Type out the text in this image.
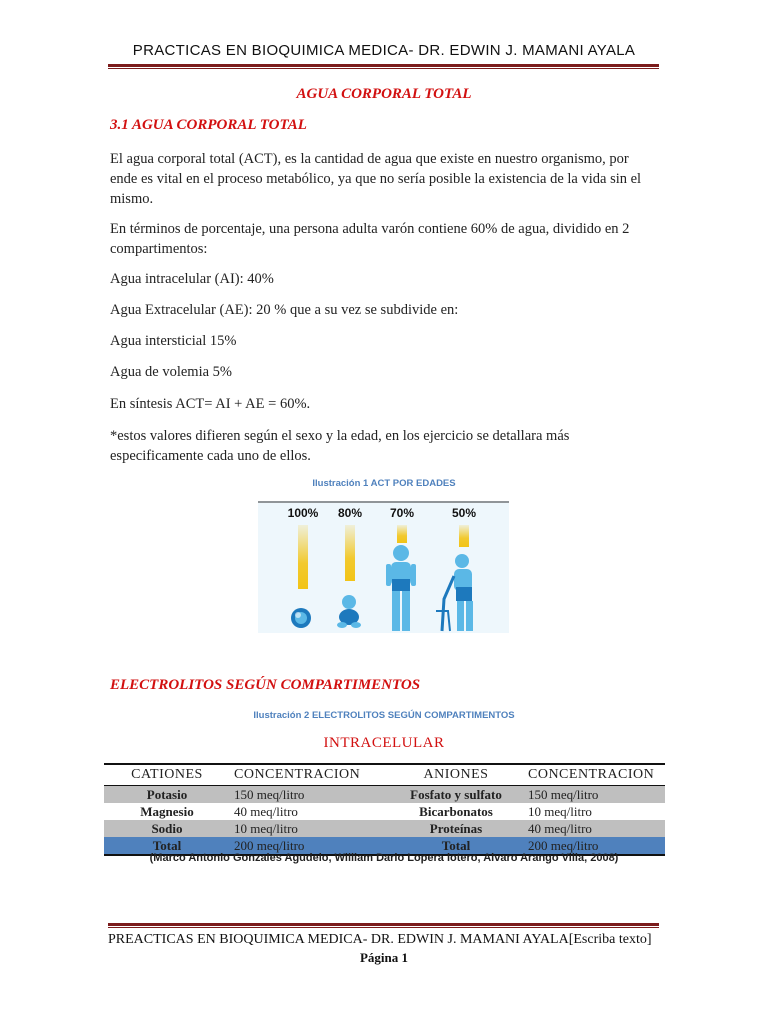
PRACTICAS EN BIOQUIMICA MEDICA- DR. EDWIN J. MAMANI AYALA
AGUA CORPORAL TOTAL
3.1 AGUA CORPORAL TOTAL
El agua corporal total (ACT), es la cantidad de agua que existe en nuestro organismo, por ende es vital en el proceso metabólico, ya que no sería posible la existencia de la vida sin el mismo.
En términos de porcentaje, una persona adulta varón contiene 60% de agua, dividido en 2 compartimentos:
Agua intracelular (AI): 40%
Agua Extracelular (AE): 20 % que a su vez se subdivide en:
Agua intersticial 15%
Agua de volemia 5%
En síntesis ACT= AI + AE = 60%.
*estos valores difieren según el sexo y la edad, en los ejercicio se detallara más especificamente cada uno de ellos.
Ilustración 1 ACT POR EDADES
100% 80% 70%	50%
ELECTROLITOS SEGÚN COMPARTIMENTOS
Ilustración 2 ELECTROLITOS SEGÚN COMPARTIMENTOS
INTRACELULAR
CATIONES	CONCENTRACION	ANIONES	CONCENTRACION
Potasio	150 meq/litro	Fosfato y sulfato	150 meq/litro
Magnesio	40 meq/litro	Bicarbonatos	10 meq/litro
Sodio	10 meq/litro	Proteínas	40 meq/litro
Total	200 meq/litro	Total	200 meq/litro
(Marco Antonio Gonzales Agudelo, William Dario Lopera lotero, Alvaro Arango Villa, 2008)
PREACTICAS EN BIOQUIMICA MEDICA- DR. EDWIN J. MAMANI AYALA[Escriba texto]
Página 1
